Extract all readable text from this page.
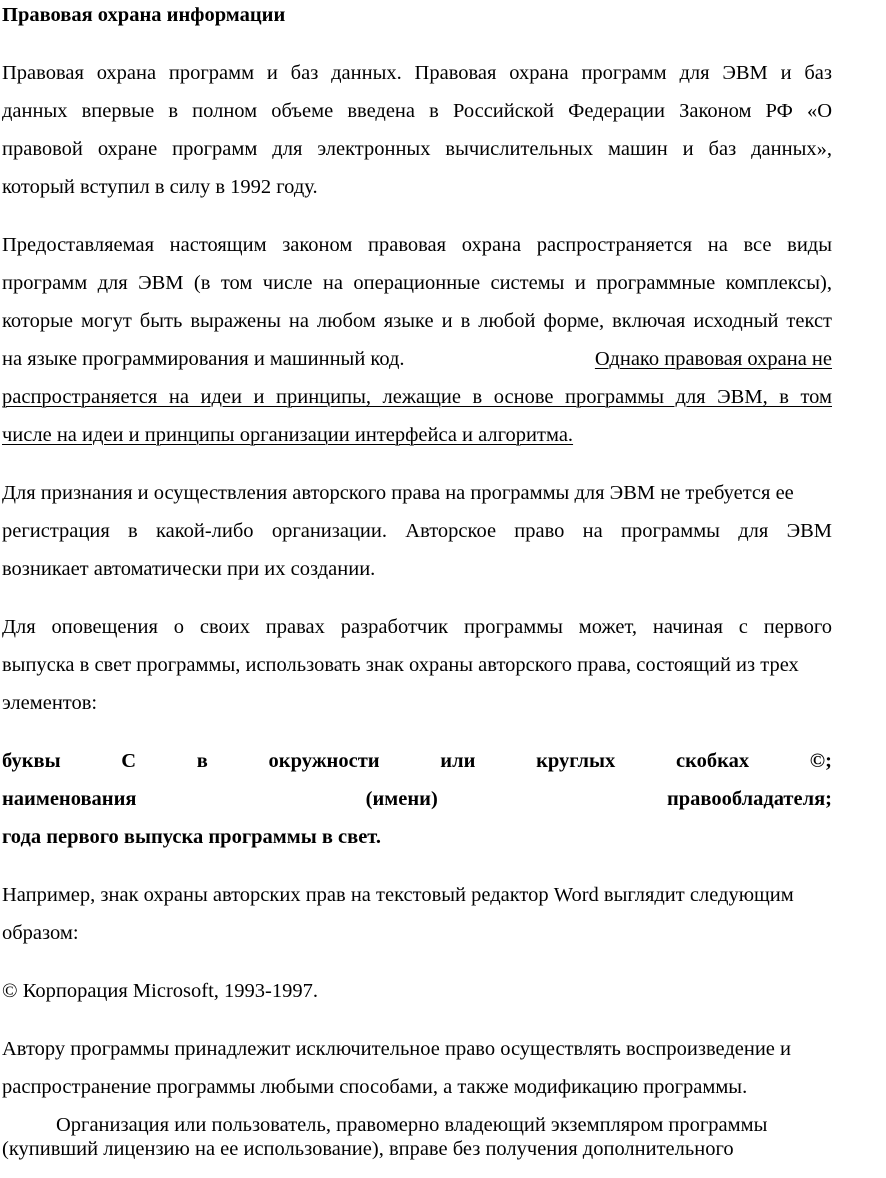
Правовая охрана информации
Правовая охрана программ и баз данных. Правовая охрана программ для ЭВМ и баз
данных впервые в полном объеме введена в Российской Федерации Законом РФ «О
правовой охране программ для электронных вычислительных машин и баз данных»,
который вступил в силу в 1992 году.
Предоставляемая настоящим законом правовая охрана распространяется на все виды
программ для ЭВМ (в том числе на операционные системы и программные комплексы),
которые могут быть выражены на любом языке и в любой форме, включая исходный текст
на языке программирования и машинный код.	Однако правовая охрана не
распространяется на идеи и принципы, лежащие в основе программы для ЭВМ, в том
числе на идеи и принципы организации интерфейса и алгоритма.
Для признания и осуществления авторского права на программы для ЭВМ не требуется ее
регистрация в какой-либо организации. Авторское право на программы для ЭВМ
возникает автоматически при их создании.
Для оповещения о своих правах разработчик программы может, начиная с первого
выпуска в свет программы, использовать знак охраны авторского права, состоящий из трех
элементов:
буквы	С	в	окружности	или	круглых	скобках	©;
наименования	(имени)	правообладателя;
года первого выпуска программы в свет.
Например, знак охраны авторских прав на текстовый редактор Word выглядит следующим
образом:
© Корпорация Microsoft, 1993-1997.
Автору программы принадлежит исключительное право осуществлять воспроизведение и
распространение программы любыми способами, а также модификацию программы.
Организация или пользователь, правомерно владеющий экземпляром программы
(купивший лицензию на ее использование), вправе без получения дополнительного
